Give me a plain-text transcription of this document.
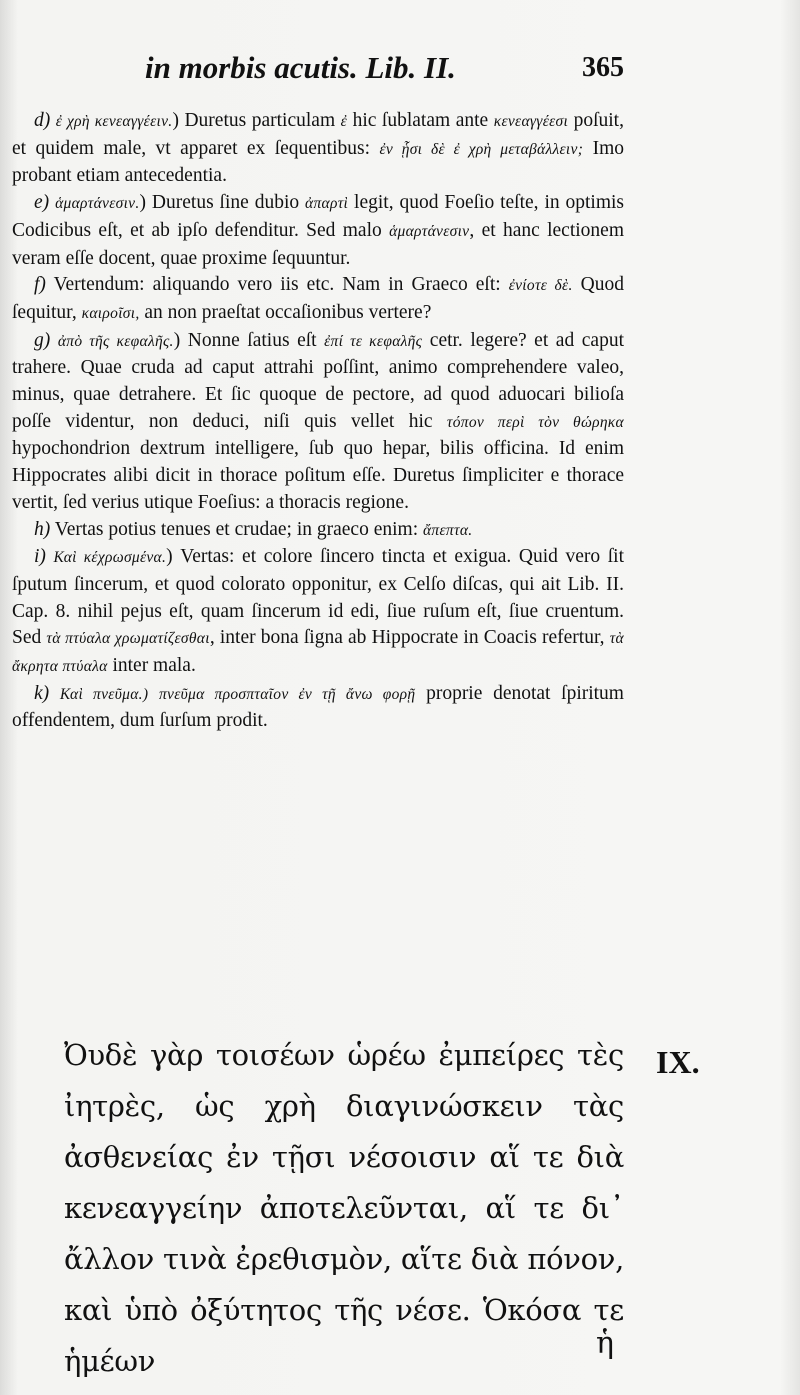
in morbis acutis. Lib. II.	365

d) ἐ χρὴ κενεαγγέειν.) Duretus particulam ἐ hic ſublatam ante κενεαγγέεσι poſuit, et quidem male, vt apparet ex ſequentibus: ἐν ᾗσι δὲ ἐ χρὴ μεταβάλλειν; Imo probant etiam antecedentia.

e) ἁμαρτάνεσιν.) Duretus ſine dubio ἀπαρτὶ legit, quod Foeſio teſte, in optimis Codicibus eſt, et ab ipſo defenditur. Sed malo ἁμαρτάνεσιν, et hanc lectionem veram eſſe docent, quae proxime ſequuntur.

f) Vertendum: aliquando vero iis etc. Nam in Graeco eſt: ἐνίοτε δὲ. Quod ſequitur, καιροῖσι, an non praeſtat occaſionibus vertere?

g) ἀπὸ τῆς κεφαλῆς.) Nonne ſatius eſt ἐπί τε κεφαλῆς cetr. legere? et ad caput trahere. Quae cruda ad caput attrahi poſſint, animo comprehendere valeo, minus, quae detrahere. Et ſic quoque de pectore, ad quod aduocari bilioſa poſſe videntur, non deduci, niſi quis vellet hic τόπον περὶ τὸν θώρηκα hypochondrion dextrum intelligere, ſub quo hepar, bilis officina. Id enim Hippocrates alibi dicit in thorace poſitum eſſe. Duretus ſimpliciter e thorace vertit, ſed verius utique Foeſius: a thoracis regione.

h) Vertas potius tenues et crudae; in graeco enim: ἄπεπτα.

i) Καὶ κέχρωσμένα.) Vertas: et colore ſincero tincta et exigua. Quid vero ſit ſputum ſincerum, et quod colorato opponitur, ex Celſo diſcas, qui ait Lib. II. Cap. 8. nihil pejus eſt, quam ſincerum id edi, ſiue ruſum eſt, ſiue cruentum. Sed τὰ πτύαλα χρωματίζεσθαι, inter bona ſigna ab Hippocrate in Coacis refertur, τὰ ἄκρητα πτύαλα inter mala.

k) Καὶ πνεῦμα.) πνεῦμα προσπταῖον ἐν τῇ ἄνω φορῇ proprie denotat ſpiritum offendentem, dum ſurſum prodit.

Ὀυδὲ γὰρ τοισέων ὡρέω ἐμπείρες τὲς ἰητρὲς, ὡς χρὴ διαγινώσκειν τὰς ἀσθενείας ἐν τῇσι νέσοισιν αἵ τε διὰ κενεαγγείην ἀποτελεῦνται, αἵ τε δι᾽ ἄλλον τινὰ ἐρεθισμὸν, αἵτε διὰ πόνον, καὶ ὑπὸ ὀξύτητος τῆς νέσε. Ὁκόσα τε ἡμέων
IX.
ἡ
